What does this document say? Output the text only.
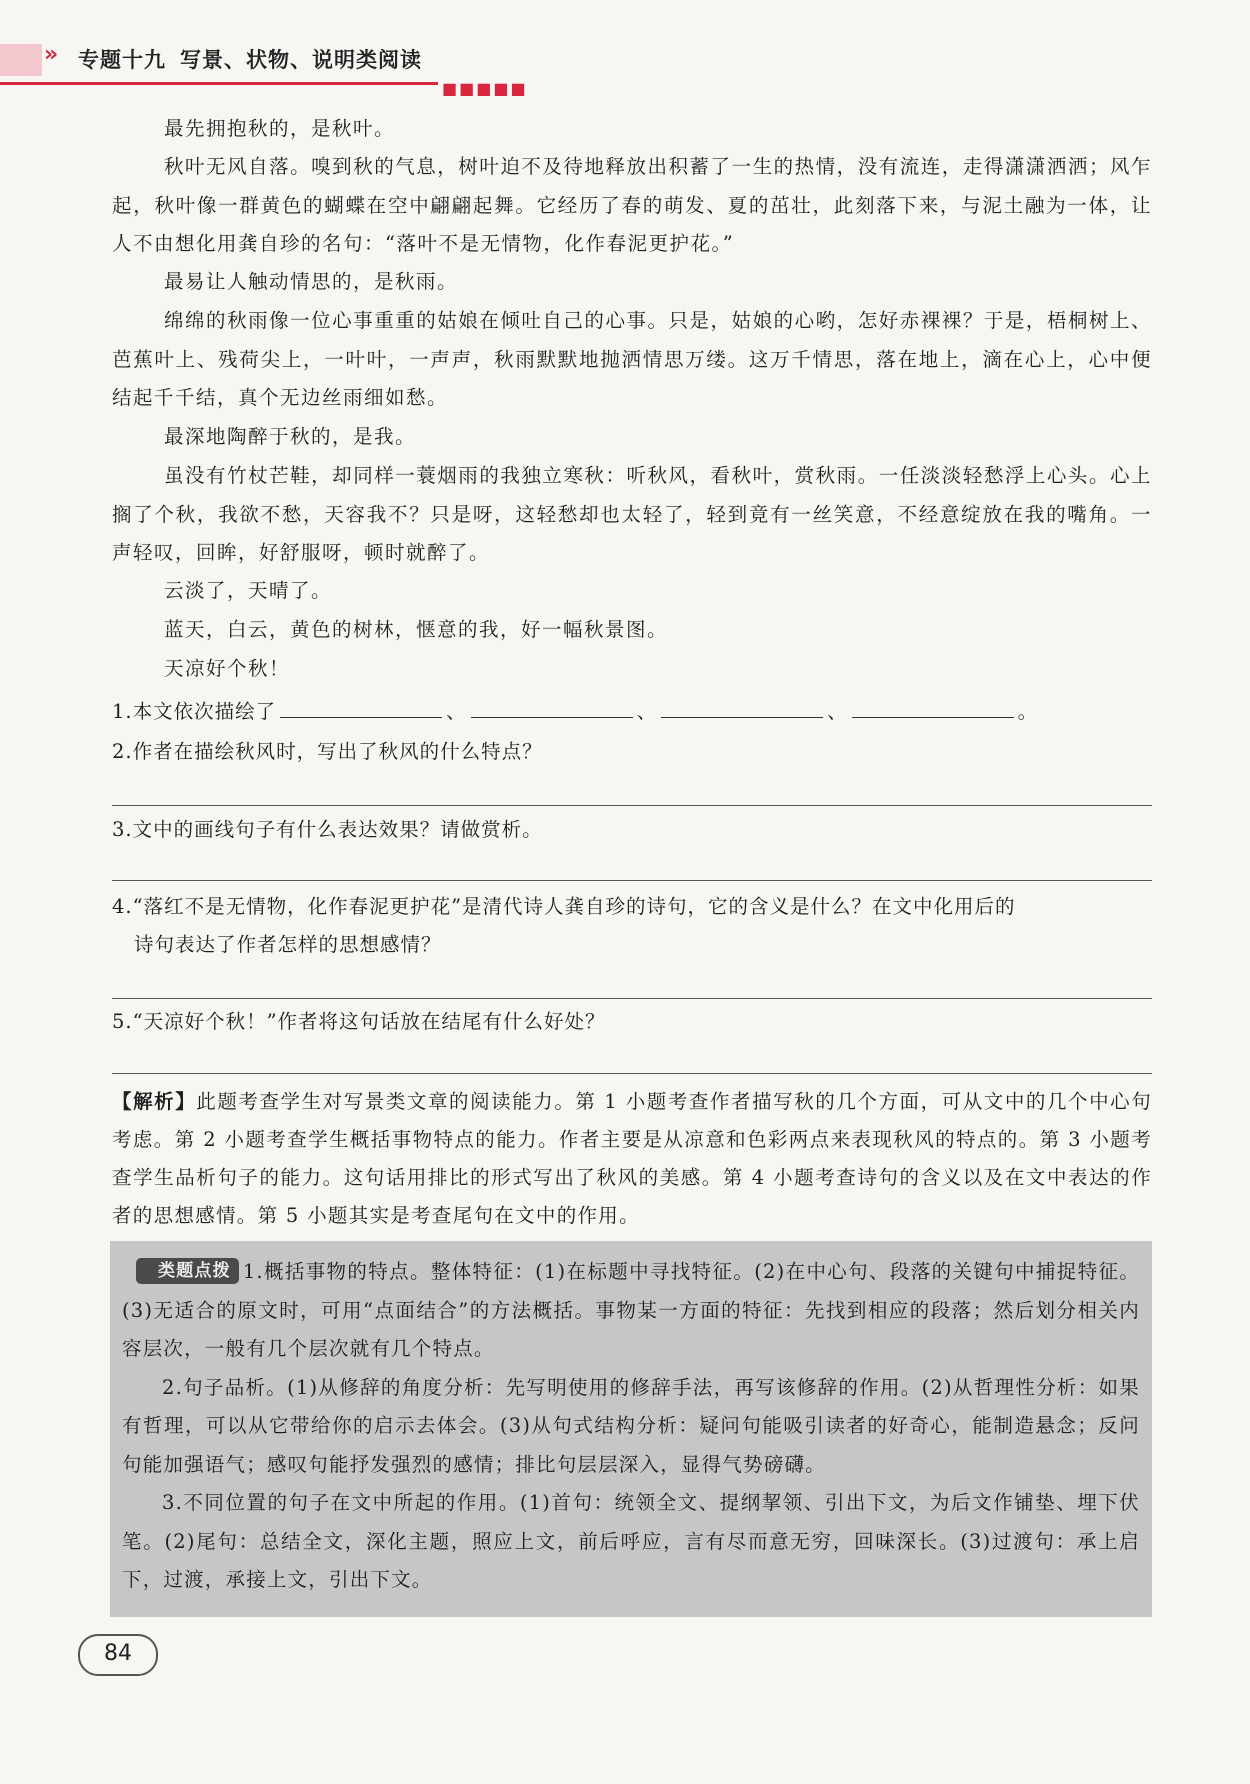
» 专题十九 写景、状物、说明类阅读
■■■■■
最先拥抱秋的，是秋叶。
秋叶无风自落。嗅到秋的气息，树叶迫不及待地释放出积蓄了一生的热情，没有流连，走得潇潇洒洒；风乍起，秋叶像一群黄色的蝴蝶在空中翩翩起舞。它经历了春的萌发、夏的茁壮，此刻落下来，与泥土融为一体，让人不由想化用龚自珍的名句：“落叶不是无情物，化作春泥更护花。”
最易让人触动情思的，是秋雨。
绵绵的秋雨像一位心事重重的姑娘在倾吐自己的心事。只是，姑娘的心哟，怎好赤裸裸？于是，梧桐树上、芭蕉叶上、残荷尖上，一叶叶，一声声，秋雨默默地抛洒情思万缕。这万千情思，落在地上，滴在心上，心中便结起千千结，真个无边丝雨细如愁。
最深地陶醉于秋的，是我。
虽没有竹杖芒鞋，却同样一蓑烟雨的我独立寒秋：听秋风，看秋叶，赏秋雨。一任淡淡轻愁浮上心头。心上搁了个秋，我欲不愁，天容我不？只是呀，这轻愁却也太轻了，轻到竟有一丝笑意，不经意绽放在我的嘴角。一声轻叹，回眸，好舒服呀，顿时就醉了。
云淡了，天晴了。
蓝天，白云，黄色的树林，惬意的我，好一幅秋景图。
天凉好个秋！
1.本文依次描绘了	、	、	、	。
2.作者在描绘秋风时，写出了秋风的什么特点？
3.文中的画线句子有什么表达效果？请做赏析。
4.“落红不是无情物，化作春泥更护花”是清代诗人龚自珍的诗句，它的含义是什么？在文中化用后的
诗句表达了作者怎样的思想感情？
5.“天凉好个秋！”作者将这句话放在结尾有什么好处？
【解析】此题考查学生对写景类文章的阅读能力。第 1 小题考查作者描写秋的几个方面，可从文中的几个中心句考虑。第 2 小题考查学生概括事物特点的能力。作者主要是从凉意和色彩两点来表现秋风的特点的。第 3 小题考查学生品析句子的能力。这句话用排比的形式写出了秋风的美感。第 4 小题考查诗句的含义以及在文中表达的作者的思想感情。第 5 小题其实是考查尾句在文中的作用。
类题点拨 1.概括事物的特点。整体特征：(1)在标题中寻找特征。(2)在中心句、段落的关键句中捕捉特征。(3)无适合的原文时，可用“点面结合”的方法概括。事物某一方面的特征：先找到相应的段落；然后划分相关内容层次，一般有几个层次就有几个特点。
2.句子品析。(1)从修辞的角度分析：先写明使用的修辞手法，再写该修辞的作用。(2)从哲理性分析：如果有哲理，可以从它带给你的启示去体会。(3)从句式结构分析：疑问句能吸引读者的好奇心，能制造悬念；反问句能加强语气；感叹句能抒发强烈的感情；排比句层层深入，显得气势磅礴。
3.不同位置的句子在文中所起的作用。(1)首句：统领全文、提纲挈领、引出下文，为后文作铺垫、埋下伏笔。(2)尾句：总结全文，深化主题，照应上文，前后呼应，言有尽而意无穷，回味深长。(3)过渡句：承上启下，过渡，承接上文，引出下文。
84
